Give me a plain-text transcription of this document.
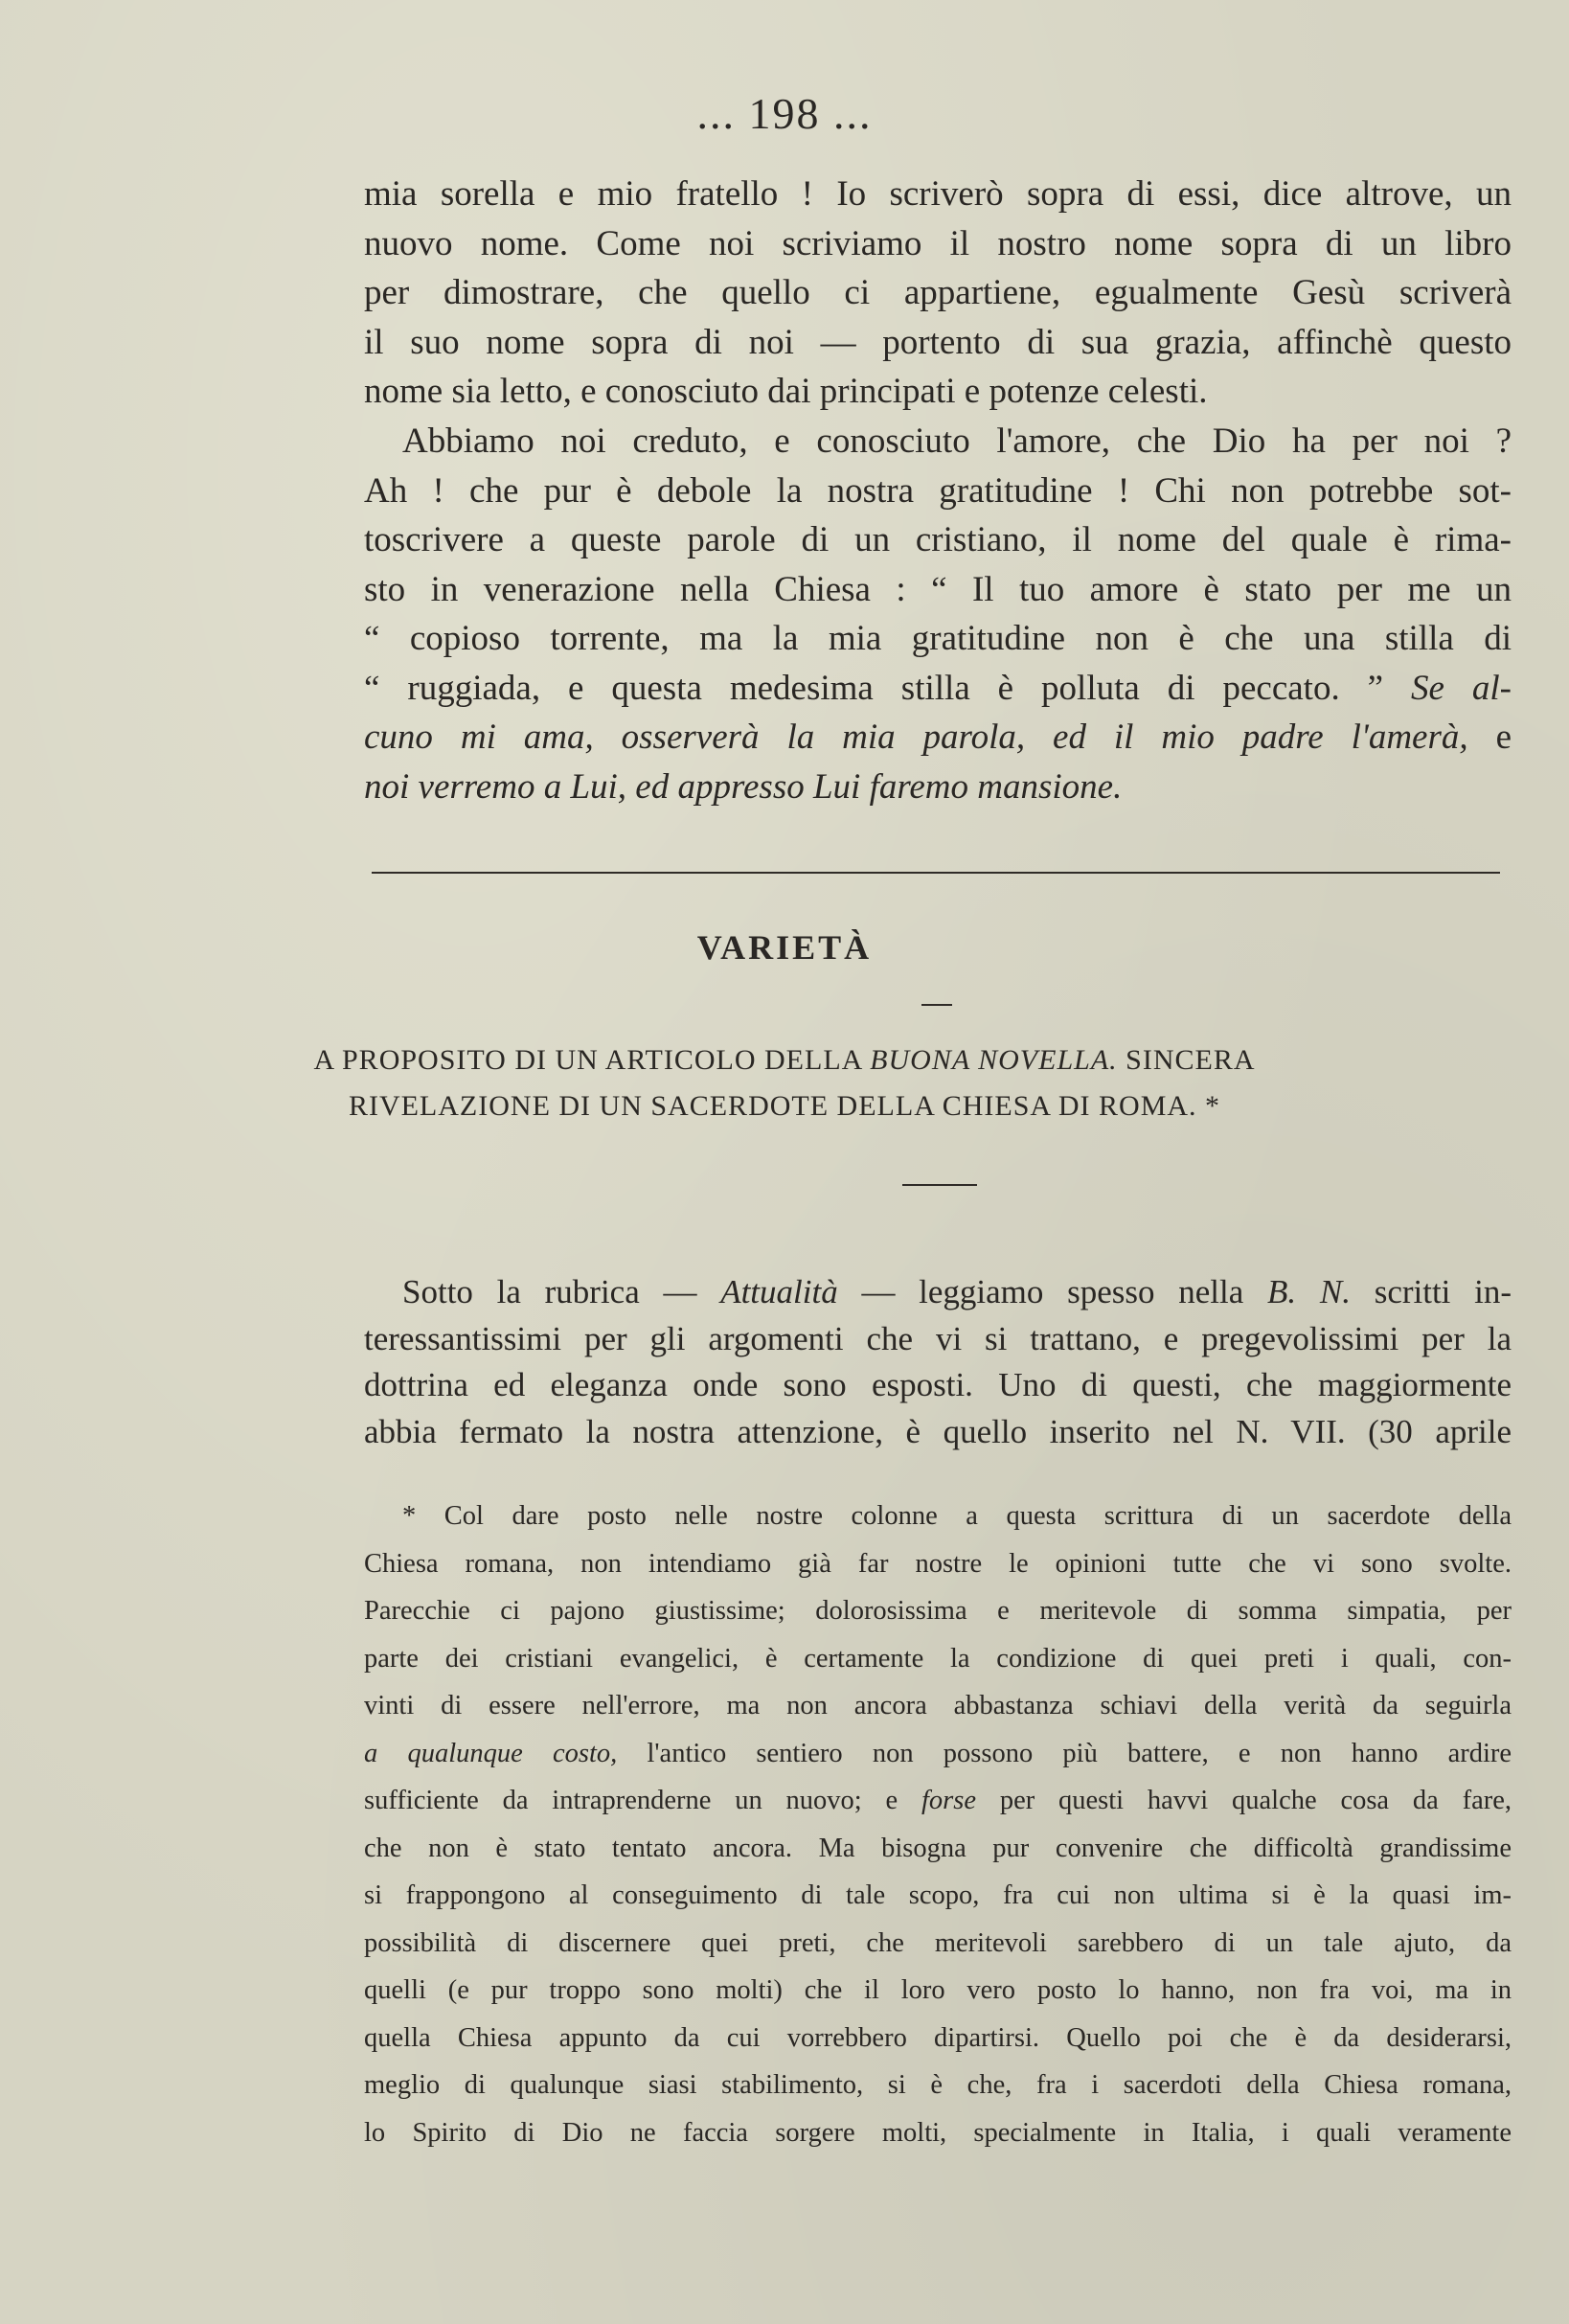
... 198 ...
mia sorella e mio fratello ! Io scriverò sopra di essi, dice altrove, un
nuovo nome. Come noi scriviamo il nostro nome sopra di un libro
per dimostrare, che quello ci appartiene, egualmente Gesù scriverà
il suo nome sopra di noi — portento di sua grazia, affinchè questo
nome sia letto, e conosciuto dai principati e potenze celesti.
Abbiamo noi creduto, e conosciuto l'amore, che Dio ha per noi ?
Ah ! che pur è debole la nostra gratitudine ! Chi non potrebbe sot-
toscrivere a queste parole di un cristiano, il nome del quale è rima-
sto in venerazione nella Chiesa : “ Il tuo amore è stato per me un
“ copioso torrente, ma la mia gratitudine non è che una stilla di
“ ruggiada, e questa medesima stilla è polluta di peccato. ” Se al-
cuno mi ama, osserverà la mia parola, ed il mio padre l'amerà, e
noi verremo a Lui, ed appresso Lui faremo mansione.
VARIETÀ
A PROPOSITO DI UN ARTICOLO DELLA BUONA NOVELLA. SINCERA
RIVELAZIONE DI UN SACERDOTE DELLA CHIESA DI ROMA. *
Sotto la rubrica — Attualità — leggiamo spesso nella B. N. scritti in-
teressantissimi per gli argomenti che vi si trattano, e pregevolissimi per la
dottrina ed eleganza onde sono esposti. Uno di questi, che maggiormente
abbia fermato la nostra attenzione, è quello inserito nel N. VII. (30 aprile
* Col dare posto nelle nostre colonne a questa scrittura di un sacerdote della
Chiesa romana, non intendiamo già far nostre le opinioni tutte che vi sono svolte.
Parecchie ci pajono giustissime; dolorosissima e meritevole di somma simpatia, per
parte dei cristiani evangelici, è certamente la condizione di quei preti i quali, con-
vinti di essere nell'errore, ma non ancora abbastanza schiavi della verità da seguirla
a qualunque costo, l'antico sentiero non possono più battere, e non hanno ardire
sufficiente da intraprenderne un nuovo; e forse per questi havvi qualche cosa da fare,
che non è stato tentato ancora. Ma bisogna pur convenire che difficoltà grandissime
si frappongono al conseguimento di tale scopo, fra cui non ultima si è la quasi im-
possibilità di discernere quei preti, che meritevoli sarebbero di un tale ajuto, da
quelli (e pur troppo sono molti) che il loro vero posto lo hanno, non fra voi, ma in
quella Chiesa appunto da cui vorrebbero dipartirsi. Quello poi che è da desiderarsi,
meglio di qualunque siasi stabilimento, si è che, fra i sacerdoti della Chiesa romana,
lo Spirito di Dio ne faccia sorgere molti, specialmente in Italia, i quali veramente
